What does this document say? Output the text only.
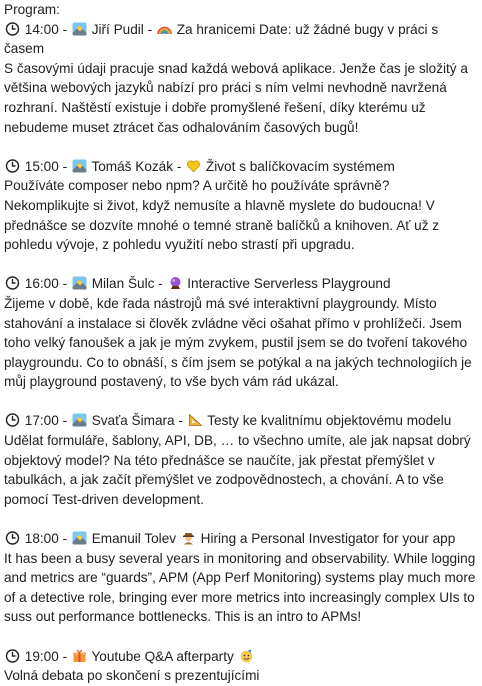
Program:
14:00 -
Jiří Pudil -
Za hranicemi Date: už žádné bugy v práci s časem
S časovými údaji pracuje snad každá webová aplikace. Jenže čas je složitý a většina webových jazyků nabízí pro práci s ním velmi nevhodně navržená rozhraní. Naštěstí existuje i dobře promyšlené řešení, díky kterému už nebudeme muset ztrácet čas odhalováním časových bugů!
15:00 -
Tomáš Kozák -
Život s balíčkovacím systémem
Používáte composer nebo npm? A určitě ho používáte správně? Nekomplikujte si život, když nemusíte a hlavně myslete do budoucna! V přednášce se dozvíte mnohé o temné straně balíčků a knihoven. Ať už z pohledu vývoje, z pohledu využití nebo strastí při upgradu.
16:00 -
Milan Šulc -
Interactive Serverless Playground
Žijeme v době, kde řada nástrojů má své interaktivní playgroundy. Místo stahování a instalace si člověk zvládne věci ošahat přímo v prohlížeči. Jsem toho velký fanoušek a jak je mým zvykem, pustil jsem se do tvoření takového playgroundu. Co to obnáší, s čím jsem se potýkal a na jakých technologiích je můj playground postavený, to vše bych vám rád ukázal.
17:00 -
Svaťa Šimara -
Testy ke kvalitnímu objektovému modelu
Udělat formuláře, šablony, API, DB, … to všechno umíte, ale jak napsat dobrý objektový model? Na této přednášce se naučíte, jak přestat přemýšlet v tabulkách, a jak začít přemýšlet ve zodpovědnostech, a chování. A to vše pomocí Test-driven development.
18:00 -
Emanuil Tolev Hiring a Personal Investigator for your app
It has been a busy several years in monitoring and observability. While logging and metrics are “guards”, APM (App Perf Monitoring) systems play much more of a detective role, bringing ever more metrics into increasingly complex UIs to suss out performance bottlenecks. This is an intro to APMs!
19:00 -
Youtube Q&A afterparty
Volná debata po skončení s prezentujícími
